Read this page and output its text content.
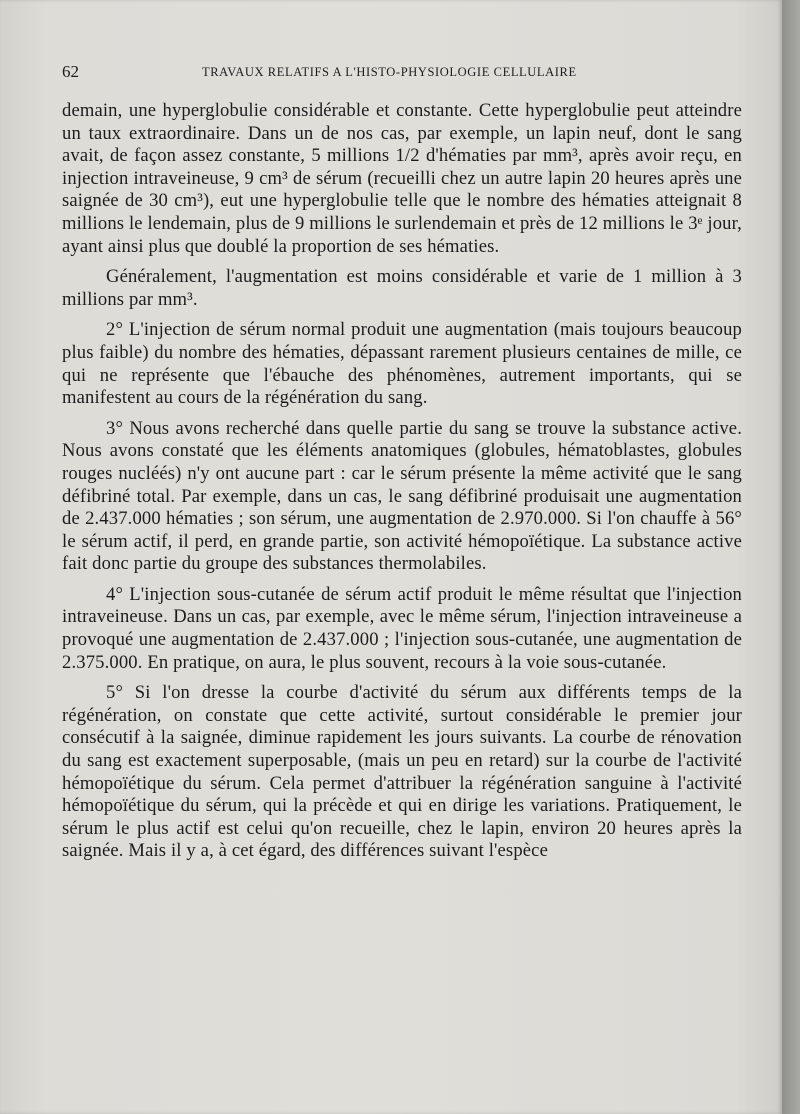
62	TRAVAUX RELATIFS A L'HISTO-PHYSIOLOGIE CELLULAIRE

demain, une hyperglobulie considérable et constante. Cette hyperglobulie peut atteindre un taux extraordinaire. Dans un de nos cas, par exemple, un lapin neuf, dont le sang avait, de façon assez constante, 5 millions 1/2 d'hématies par mm³, après avoir reçu, en injection intraveineuse, 9 cm³ de sérum (recueilli chez un autre lapin 20 heures après une saignée de 30 cm³), eut une hyperglobulie telle que le nombre des hématies atteignait 8 millions le lendemain, plus de 9 millions le surlendemain et près de 12 millions le 3ᵉ jour, ayant ainsi plus que doublé la proportion de ses hématies.

Généralement, l'augmentation est moins considérable et varie de 1 million à 3 millions par mm³.

2° L'injection de sérum normal produit une augmentation (mais toujours beaucoup plus faible) du nombre des hématies, dépassant rarement plusieurs centaines de mille, ce qui ne représente que l'ébauche des phénomènes, autrement importants, qui se manifestent au cours de la régénération du sang.

3° Nous avons recherché dans quelle partie du sang se trouve la substance active. Nous avons constaté que les éléments anatomiques (globules, hématoblastes, globules rouges nucléés) n'y ont aucune part : car le sérum présente la même activité que le sang défibriné total. Par exemple, dans un cas, le sang défibriné produisait une augmentation de 2.437.000 hématies ; son sérum, une augmentation de 2.970.000. Si l'on chauffe à 56° le sérum actif, il perd, en grande partie, son activité hémopoïétique. La substance active fait donc partie du groupe des substances thermolabiles.

4° L'injection sous-cutanée de sérum actif produit le même résultat que l'injection intraveineuse. Dans un cas, par exemple, avec le même sérum, l'injection intraveineuse a provoqué une augmentation de 2.437.000 ; l'injection sous-cutanée, une augmentation de 2.375.000. En pratique, on aura, le plus souvent, recours à la voie sous-cutanée.

5° Si l'on dresse la courbe d'activité du sérum aux différents temps de la régénération, on constate que cette activité, surtout considérable le premier jour consécutif à la saignée, diminue rapidement les jours suivants. La courbe de rénovation du sang est exactement superposable, (mais un peu en retard) sur la courbe de l'activité hémopoïétique du sérum. Cela permet d'attribuer la régénération sanguine à l'activité hémopoïétique du sérum, qui la précède et qui en dirige les variations. Pratiquement, le sérum le plus actif est celui qu'on recueille, chez le lapin, environ 20 heures après la saignée. Mais il y a, à cet égard, des différences suivant l'espèce
